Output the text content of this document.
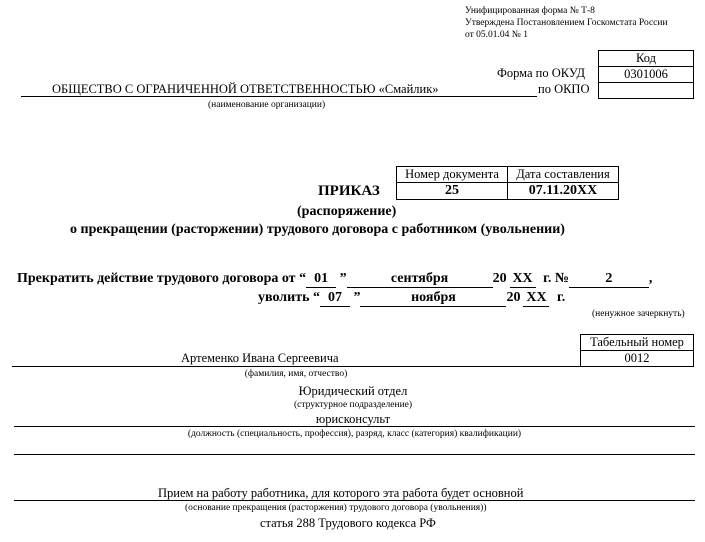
Унифицированная форма № Т-8
Утверждена Постановлением Госкомстата России
от 05.01.04 № 1
Код
0301006

Форма по ОКУД
по ОКПО
ОБЩЕСТВО С ОГРАНИЧЕННОЙ ОТВЕТСТВЕННОСТЬЮ «Смайлик»
(наименование организации)
Номер документа	Дата составления
25	07.11.20XX
ПРИКАЗ
(распоряжение)
о прекращении (расторжении) трудового договора с работником (увольнении)
Прекратить действие трудового договора от “ 01 ”	сентября	20 XX г. №	2	,
уволить “ 07 ”	ноября	20 XX г.
(ненужное зачеркнуть)
Табельный номер
0012
Артеменко Ивана Сергеевича
(фамилия, имя, отчество)
Юридический отдел
(структурное подразделение)
юрисконсульт
(должность (специальность, профессия), разряд, класс (категория) квалификации)
Прием на работу работника, для которого эта работа будет основной
(основание прекращения (расторжения) трудового договора (увольнения))
статья 288 Трудового кодекса РФ
